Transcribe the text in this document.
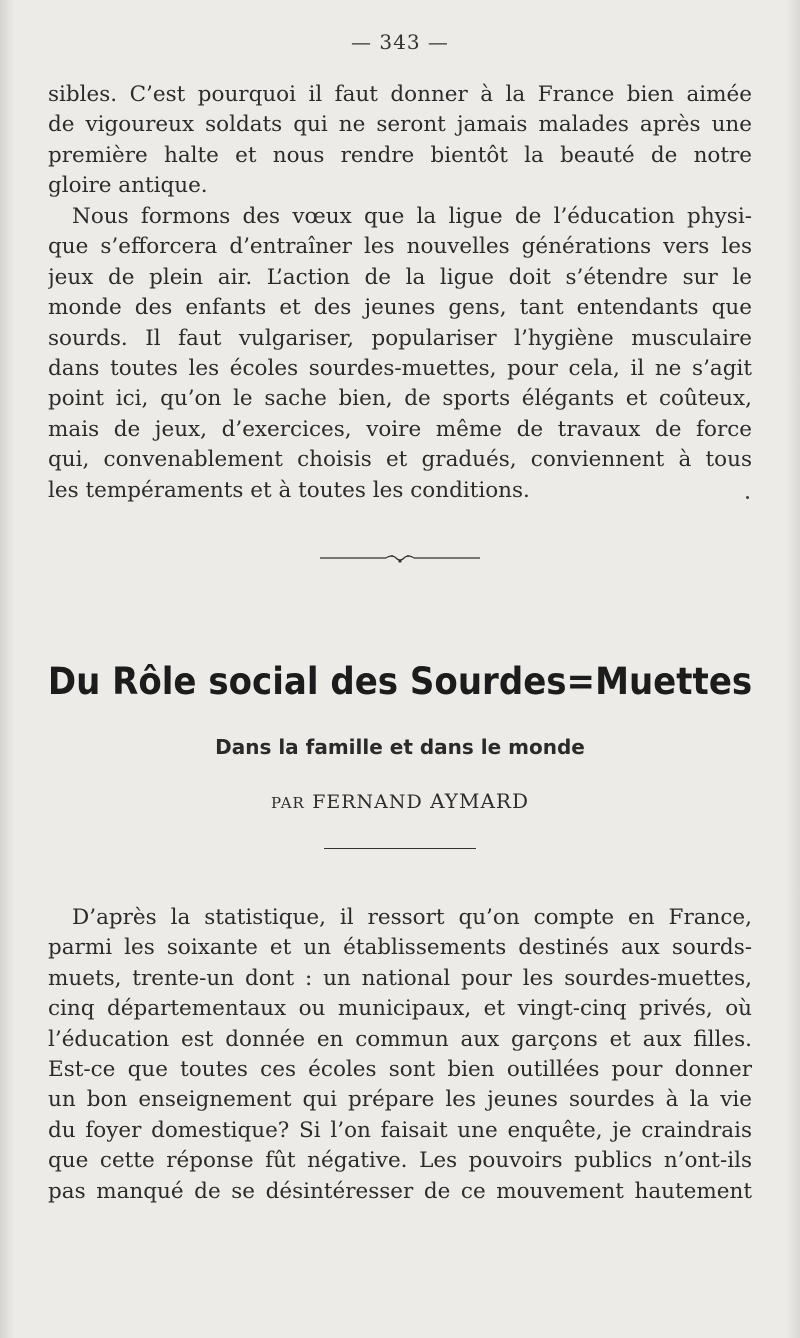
— 343 —
sibles. C’est pourquoi il faut donner à la France bien aimée
de vigoureux soldats qui ne seront jamais malades après une
première halte et nous rendre bientôt la beauté de notre
gloire antique.
Nous formons des vœux que la ligue de l’éducation physi-
que s’efforcera d’entraîner les nouvelles générations vers les
jeux de plein air. L’action de la ligue doit s’étendre sur le
monde des enfants et des jeunes gens, tant entendants que
sourds. Il faut vulgariser, populariser l’hygiène musculaire
dans toutes les écoles sourdes-muettes, pour cela, il ne s’agit
point ici, qu’on le sache bien, de sports élégants et coûteux,
mais de jeux, d’exercices, voire même de travaux de force
qui, convenablement choisis et gradués, conviennent à tous
les tempéraments et à toutes les conditions.
Du Rôle social des Sourdes=Muettes
Dans la famille et dans le monde
PAR FERNAND AYMARD
D’après la statistique, il ressort qu’on compte en France,
parmi les soixante et un établissements destinés aux sourds-
muets, trente-un dont : un national pour les sourdes-muettes,
cinq départementaux ou municipaux, et vingt-cinq privés, où
l’éducation est donnée en commun aux garçons et aux filles.
Est-ce que toutes ces écoles sont bien outillées pour donner
un bon enseignement qui prépare les jeunes sourdes à la vie
du foyer domestique? Si l’on faisait une enquête, je craindrais
que cette réponse fût négative. Les pouvoirs publics n’ont-ils
pas manqué de se désintéresser de ce mouvement hautement
